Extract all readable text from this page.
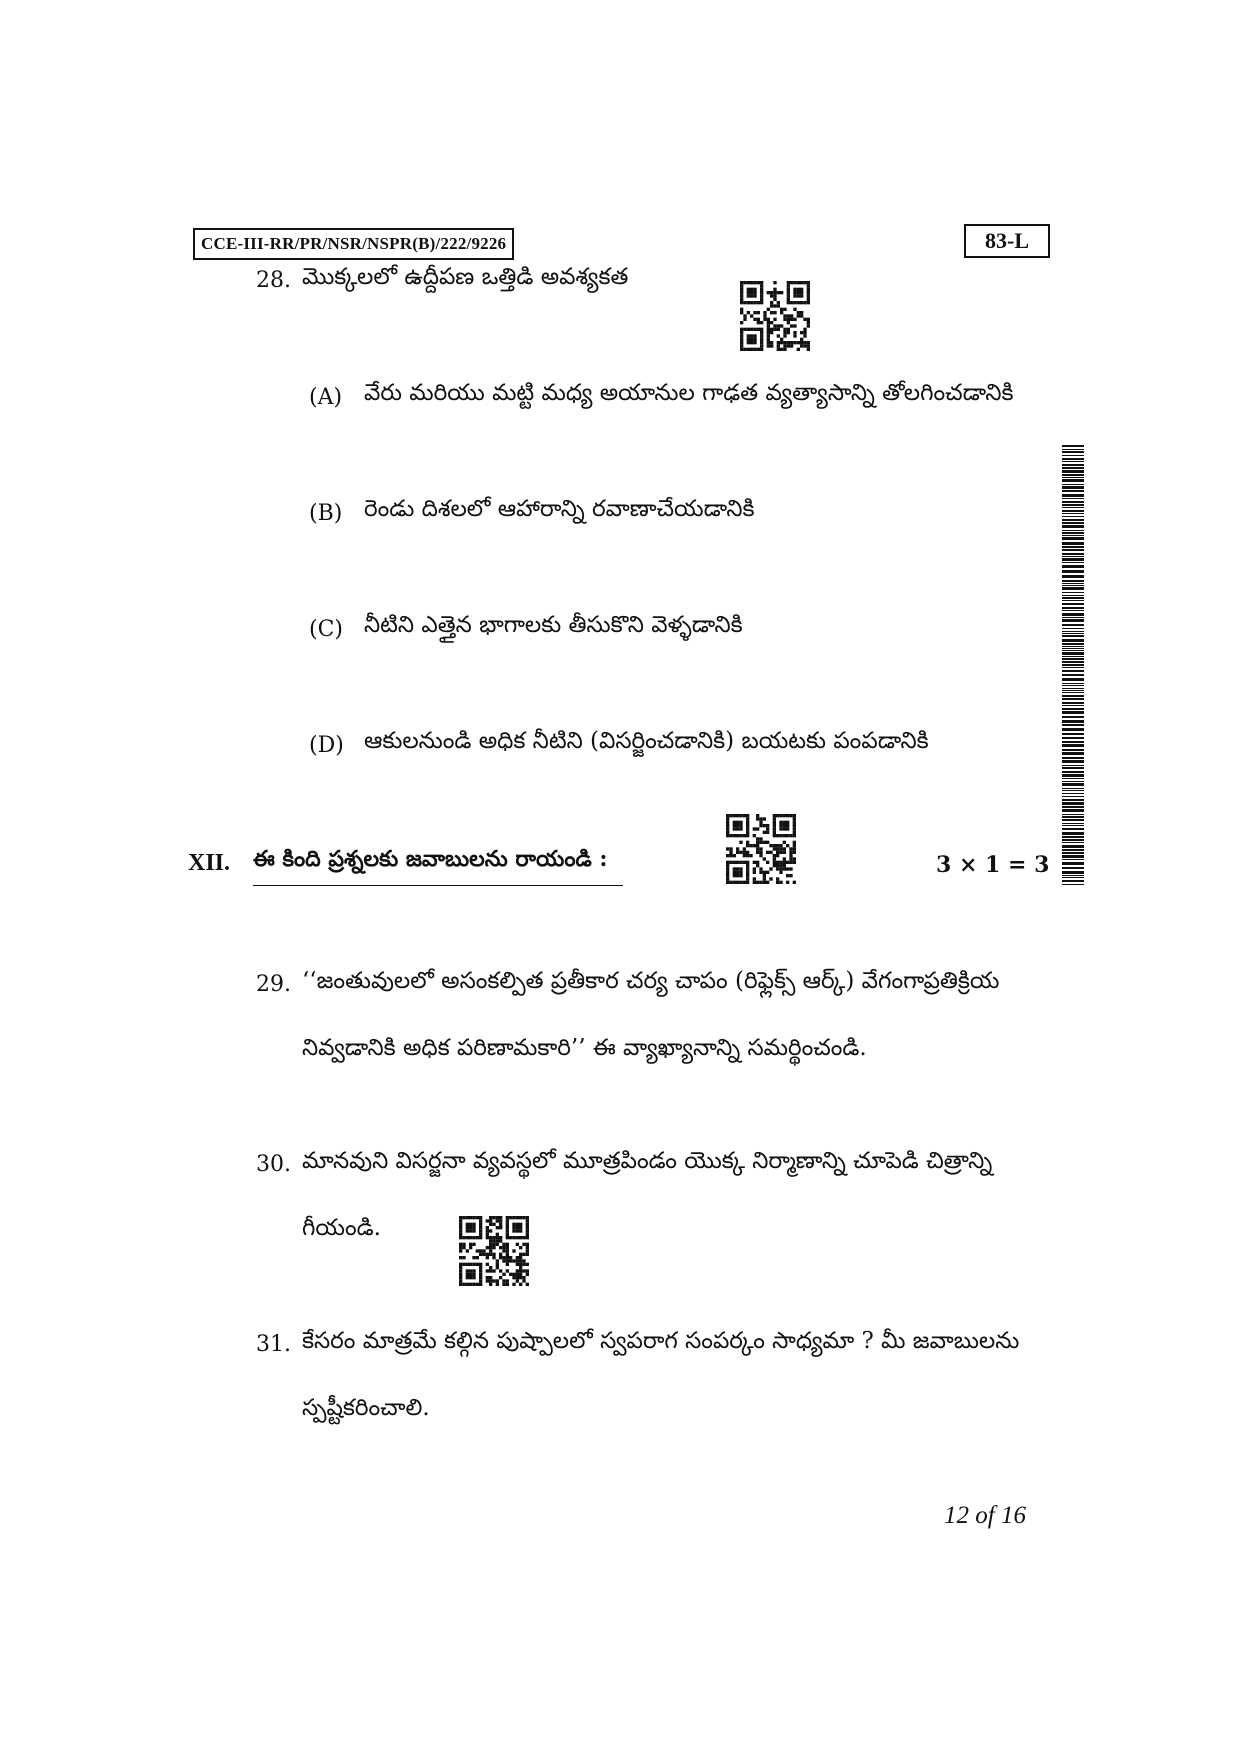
CCE-III-RR/PR/NSR/NSPR(B)/222/9226	83-L
28. మొక్కలలో ఉద్దీపణ ఒత్తిడి అవశ్యకత
(A) వేరు మరియు మట్టి మధ్య అయానుల గాఢత వ్యత్యాసాన్ని తోలగించడానికి
(B) రెండు దిశలలో ఆహారాన్ని రవాణాచేయడానికి
(C) నీటిని ఎత్తైన భాగాలకు తీసుకొని వెళ్ళడానికి
(D) ఆకులనుండి అధిక నీటిని (విసర్జించడానికి) బయటకు పంపడానికి
XII. ఈ కింది ప్రశ్నలకు జవాబులను రాయండి :	3 × 1 = 3
29. ‘‘జంతువులలో అసంకల్పిత ప్రతీకార చర్య చాపం (రిఫ్లెక్స్ ఆర్క్) వేగంగాప్రతిక్రియ
నివ్వడానికి అధిక పరిణామకారి’’ ఈ వ్యాఖ్యానాన్ని సమర్థించండి.
30. మానవుని విసర్జనా వ్యవస్థలో మూత్రపిండం యొక్క నిర్మాణాన్ని చూపెడి చిత్రాన్ని
గీయండి.
31. కేసరం మాత్రమే కల్గిన పుష్పాలలో స్వపరాగ సంపర్కం సాధ్యమా ? మీ జవాబులను
స్పష్టీకరించాలి.
12 of 16
